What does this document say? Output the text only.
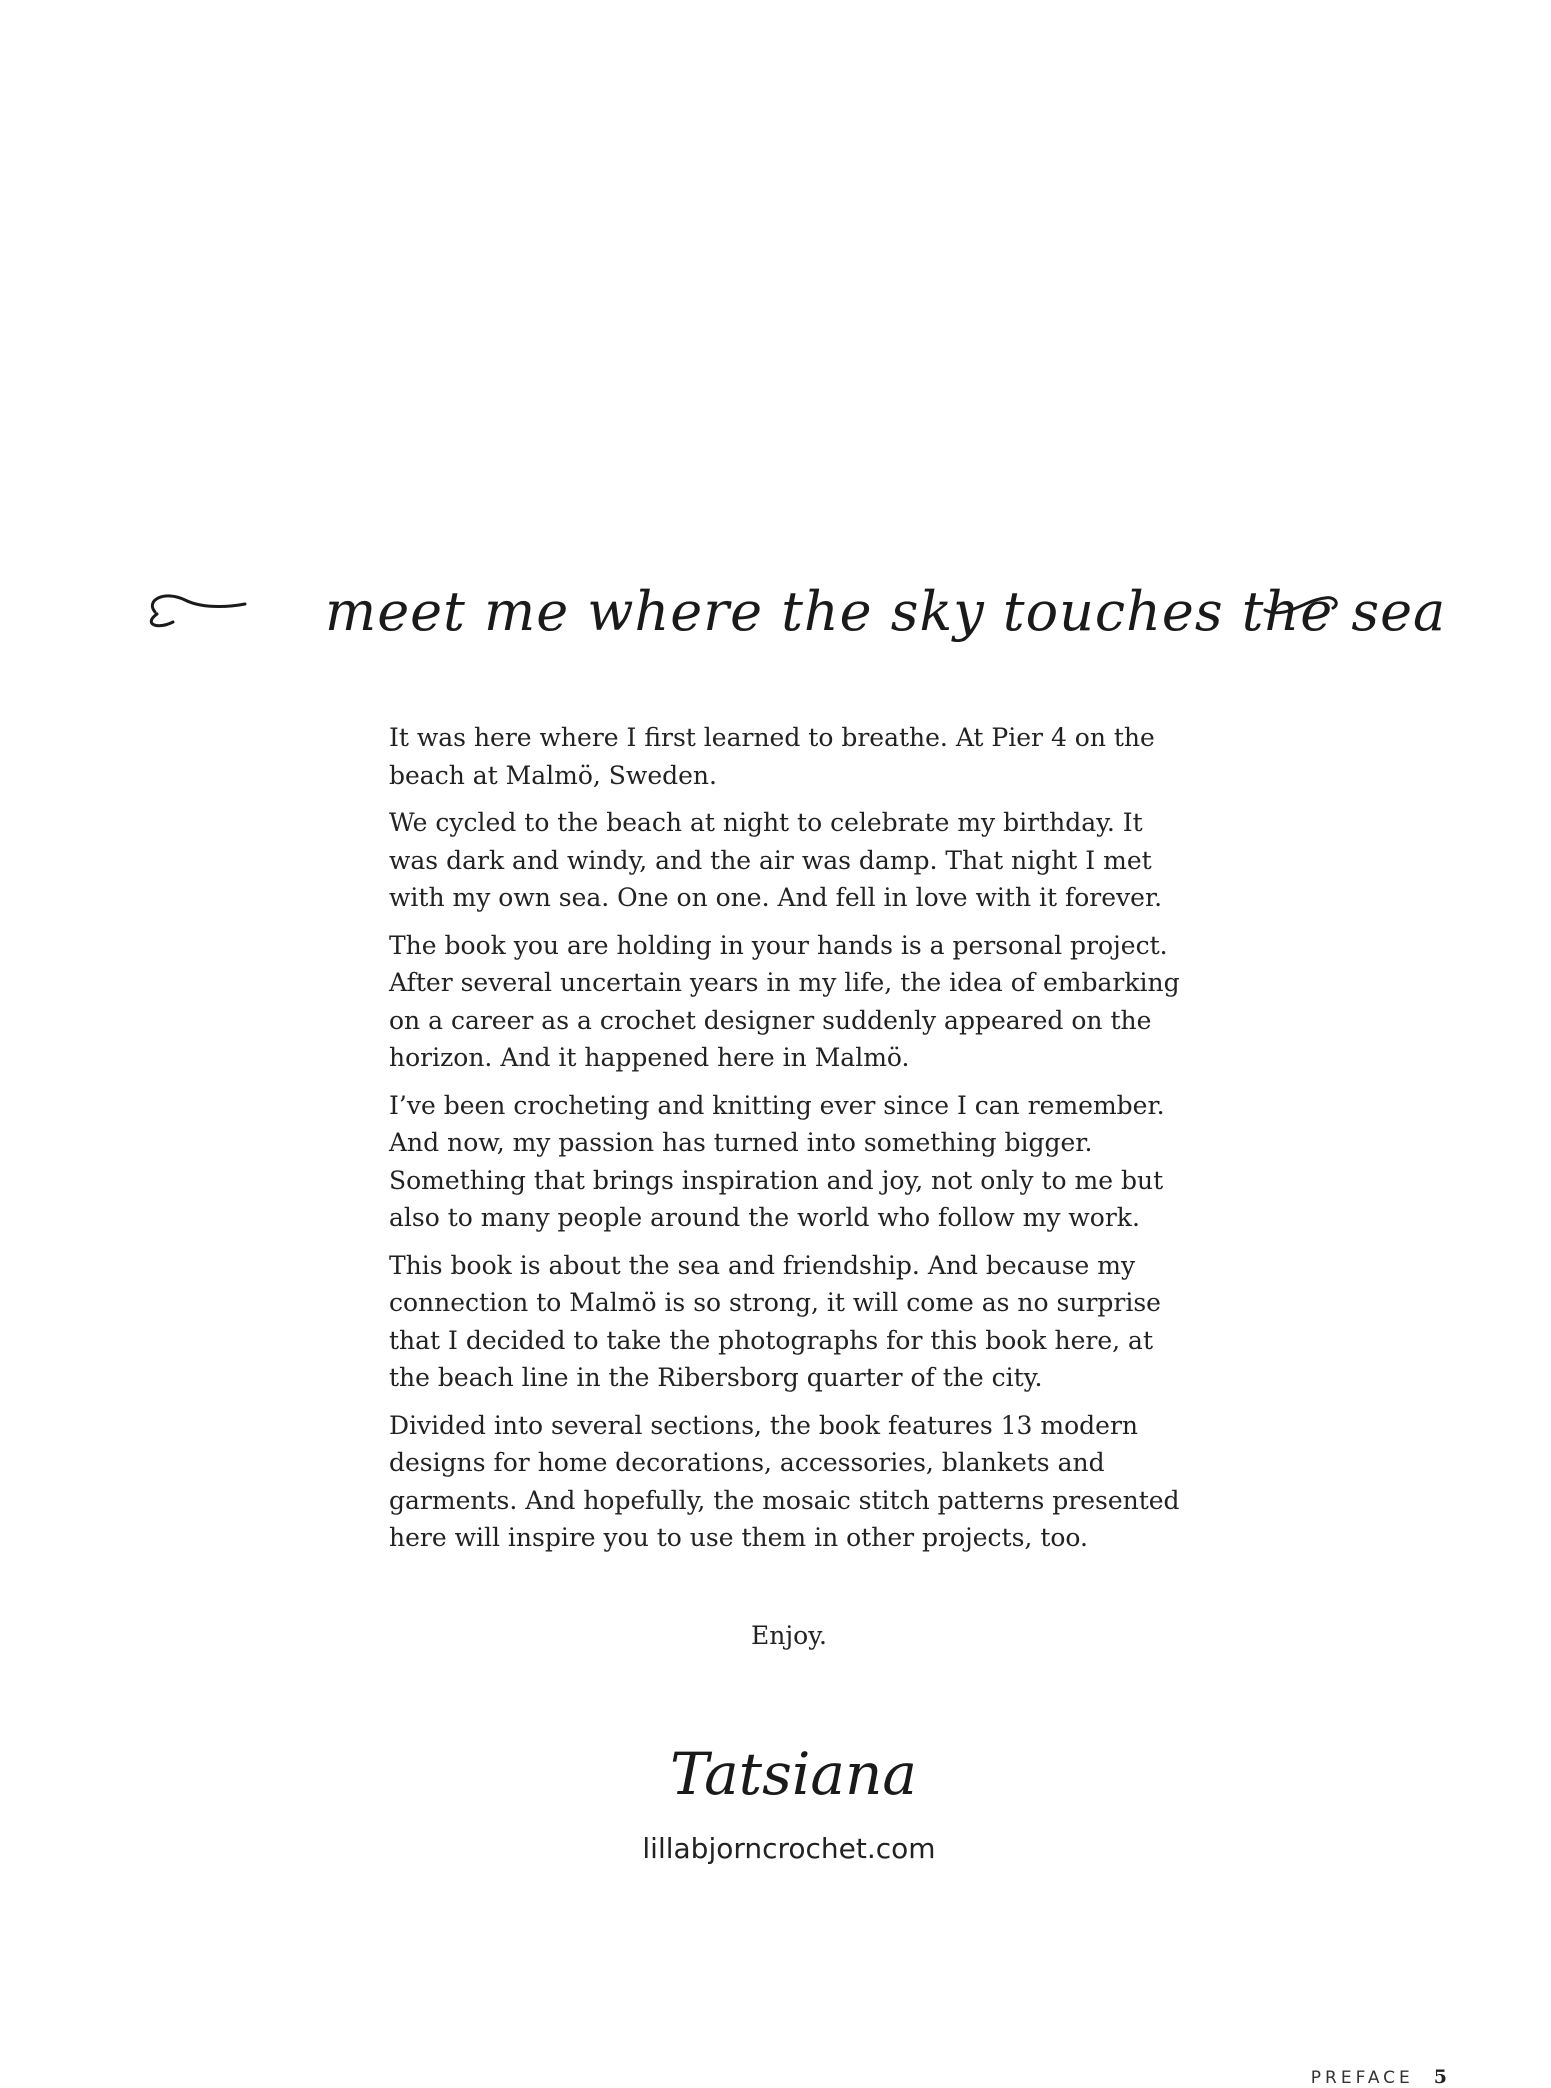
meet me where the sky touches the sea

It was here where I first learned to breathe. At Pier 4 on the beach at Malmö, Sweden.

We cycled to the beach at night to celebrate my birthday. It was dark and windy, and the air was damp. That night I met with my own sea. One on one. And fell in love with it forever.

The book you are holding in your hands is a personal project. After several uncertain years in my life, the idea of embarking on a career as a crochet designer suddenly appeared on the horizon. And it happened here in Malmö.

I’ve been crocheting and knitting ever since I can remember. And now, my passion has turned into something bigger. Something that brings inspiration and joy, not only to me but also to many people around the world who follow my work.

This book is about the sea and friendship. And because my connection to Malmö is so strong, it will come as no surprise that I decided to take the photographs for this book here, at the beach line in the Ribersborg quarter of the city.

Divided into several sections, the book features 13 modern designs for home decorations, accessories, blankets and garments. And hopefully, the mosaic stitch patterns presented here will inspire you to use them in other projects, too.

Enjoy.
Tatsiana
lillabjorncrochet.com
PREFACE 5
